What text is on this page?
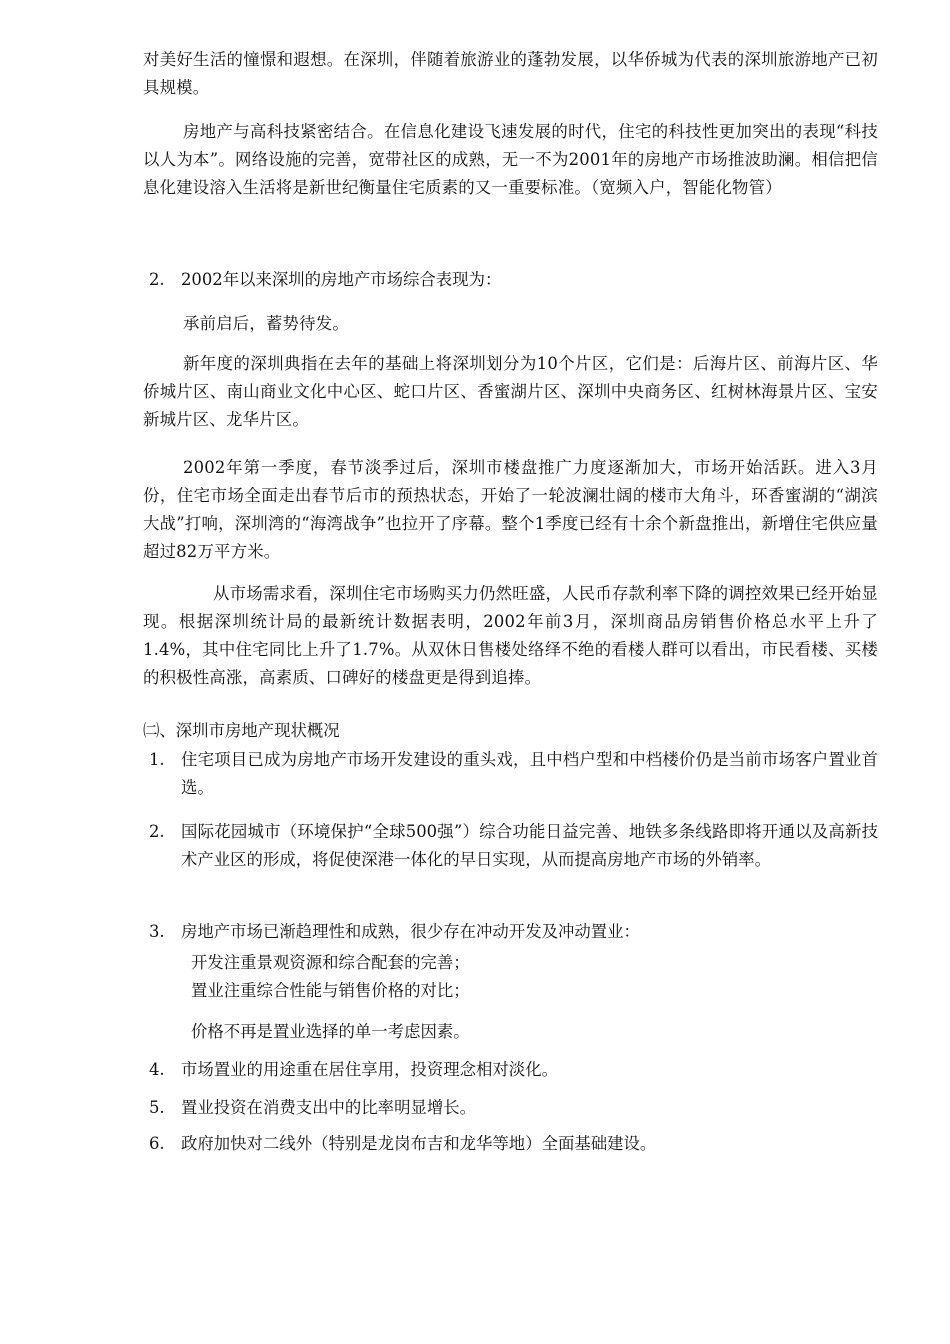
对美好生活的憧憬和遐想。在深圳，伴随着旅游业的蓬勃发展，以华侨城为代表的深圳旅游地产已初具规模。

房地产与高科技紧密结合。在信息化建设飞速发展的时代，住宅的科技性更加突出的表现“科技以人为本”。网络设施的完善，宽带社区的成熟，无一不为2001年的房地产市场推波助澜。相信把信息化建设溶入生活将是新世纪衡量住宅质素的又一重要标准。（宽频入户，智能化物管）

2. 2002年以来深圳的房地产市场综合表现为：

承前启后，蓄势待发。

新年度的深圳典指在去年的基础上将深圳划分为10个片区，它们是：后海片区、前海片区、华侨城片区、南山商业文化中心区、蛇口片区、香蜜湖片区、深圳中央商务区、红树林海景片区、宝安新城片区、龙华片区。

2002年第一季度，春节淡季过后，深圳市楼盘推广力度逐渐加大，市场开始活跃。进入3月份，住宅市场全面走出春节后市的预热状态，开始了一轮波澜壮阔的楼市大角斗，环香蜜湖的“湖滨大战”打响，深圳湾的“海湾战争”也拉开了序幕。整个1季度已经有十余个新盘推出，新增住宅供应量超过82万平方米。

从市场需求看，深圳住宅市场购买力仍然旺盛，人民币存款利率下降的调控效果已经开始显现。根据深圳统计局的最新统计数据表明，2002年前3月，深圳商品房销售价格总水平上升了1.4%，其中住宅同比上升了1.7%。从双休日售楼处络绎不绝的看楼人群可以看出，市民看楼、买楼的积极性高涨，高素质、口碑好的楼盘更是得到追捧。

㈡、深圳市房地产现状概况

1. 住宅项目已成为房地产市场开发建设的重头戏，且中档户型和中档楼价仍是当前市场客户置业首选。
2. 国际花园城市（环境保护“全球500强”）综合功能日益完善、地铁多条线路即将开通以及高新技术产业区的形成，将促使深港一体化的早日实现，从而提高房地产市场的外销率。
3. 房地产市场已渐趋理性和成熟，很少存在冲动开发及冲动置业：

开发注重景观资源和综合配套的完善；

置业注重综合性能与销售价格的对比；

价格不再是置业选择的单一考虑因素。

4. 市场置业的用途重在居住享用，投资理念相对淡化。
5. 置业投资在消费支出中的比率明显增长。
6. 政府加快对二线外（特别是龙岗布吉和龙华等地）全面基础建设。
